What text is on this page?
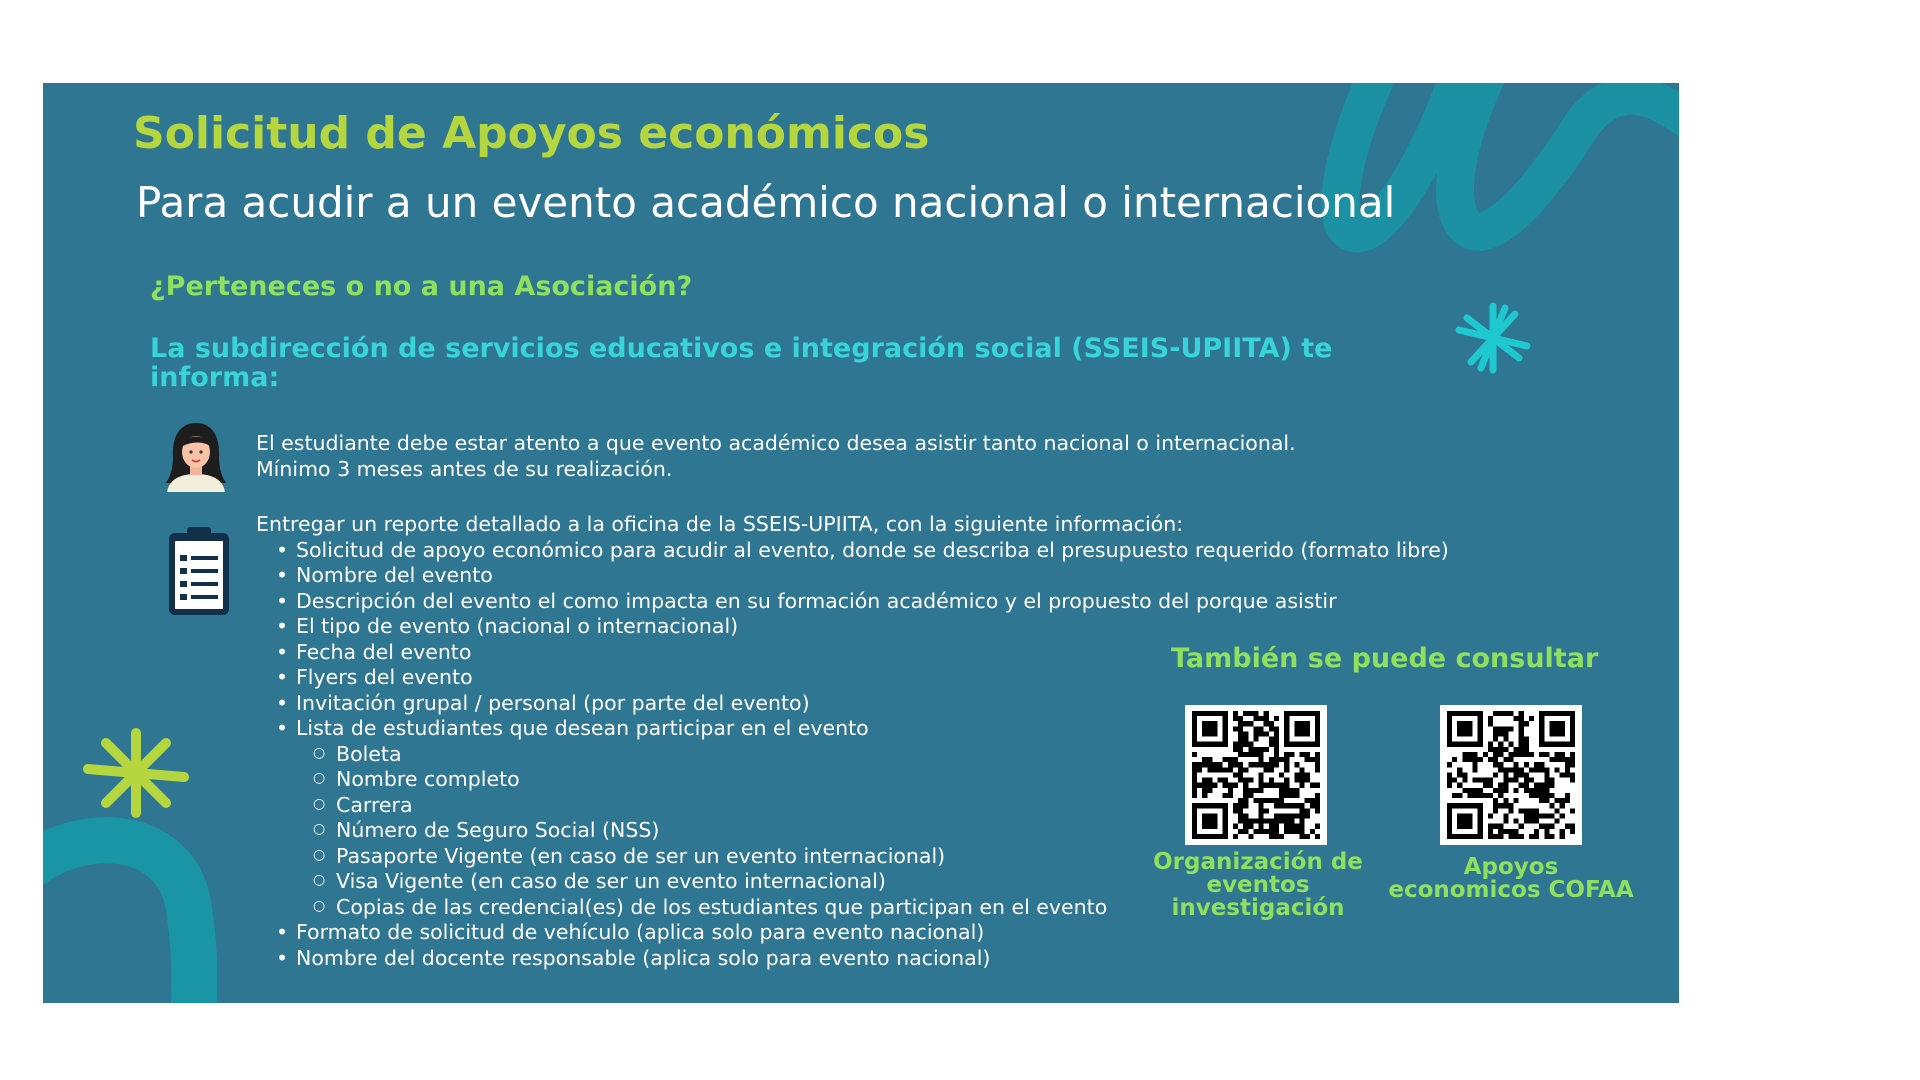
Solicitud de Apoyos económicos
Para acudir a un evento académico nacional o internacional
¿Perteneces o no a una Asociación?
La subdirección de servicios educativos e integración social (SSEIS-UPIITA) te informa:
El estudiante debe estar atento a que evento académico desea asistir tanto nacional o internacional.
Mínimo 3 meses antes de su realización.
Entregar un reporte detallado a la oficina de la SSEIS-UPIITA, con la siguiente información:
• Solicitud de apoyo económico para acudir al evento, donde se describa el presupuesto requerido (formato libre)
• Nombre del evento
• Descripción del evento el como impacta en su formación académico y el propuesto del porque asistir
• El tipo de evento (nacional o internacional)
• Fecha del evento
• Flyers del evento
• Invitación grupal / personal (por parte del evento)
• Lista de estudiantes que desean participar en el evento
○ Boleta
○ Nombre completo
○ Carrera
○ Número de Seguro Social (NSS)
○ Pasaporte Vigente (en caso de ser un evento internacional)
○ Visa Vigente (en caso de ser un evento internacional)
○ Copias de las credencial(es) de los estudiantes que participan en el evento
• Formato de solicitud de vehículo (aplica solo para evento nacional)
• Nombre del docente responsable (aplica solo para evento nacional)
También se puede consultar
Organización de
eventos
investigación
Apoyos
economicos COFAA
